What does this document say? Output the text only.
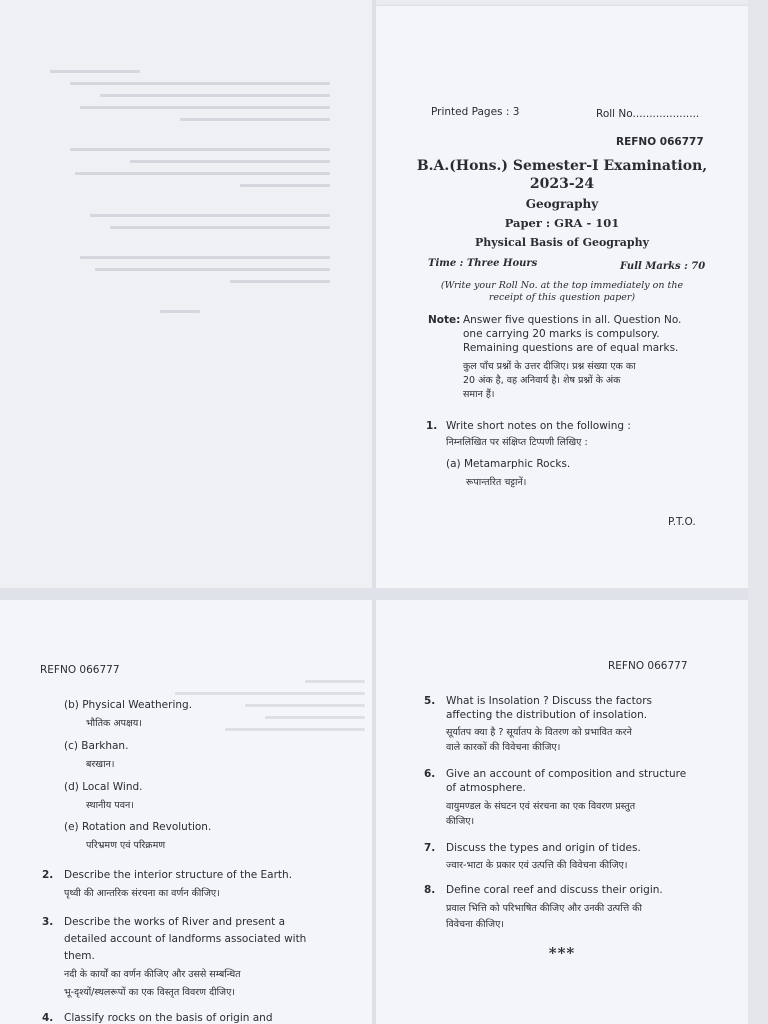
Printed Pages : 3	Roll No....................
REFNO 066777
B.A.(Hons.) Semester-I Examination,
2023-24
Geography
Paper : GRA - 101
Physical Basis of Geography
Time : Three Hours	Full Marks : 70
(Write your Roll No. at the top immediately on the
receipt of this question paper)
Note: Answer five questions in all. Question No.
one carrying 20 marks is compulsory.
Remaining questions are of equal marks.
कुल पाँच प्रश्नों के उत्तर दीजिए। प्रश्न संख्या एक का
20 अंक है, वह अनिवार्य है। शेष प्रश्नों के अंक
समान हैं।
1. Write short notes on the following :
निम्नलिखित पर संक्षिप्त टिप्पणी लिखिए :
(a) Metamarphic Rocks.
रूपान्तरित चट्टानें।
P.T.O.
REFNO 066777
(b) Physical Weathering.
भौतिक अपक्षय।
(c) Barkhan.
बरखान।
(d) Local Wind.
स्थानीय पवन।
(e) Rotation and Revolution.
परिभ्रमण एवं परिक्रमण
2. Describe the interior structure of the Earth.
पृथ्वी की आन्तरिक संरचना का वर्णन कीजिए।
3. Describe the works of River and present a
detailed account of landforms associated with
them.
नदी के कार्यों का वर्णन कीजिए और उससे सम्बन्धित
भू-दृश्यों/स्थलरूपों का एक विस्तृत विवरण दीजिए।
4. Classify rocks on the basis of origin and
REFNO 066777
5. What is Insolation ? Discuss the factors
affecting the distribution of insolation.
सूर्यातप क्या है ? सूर्यातप के वितरण को प्रभावित करने
वाले कारकों की विवेचना कीजिए।
6. Give an account of composition and structure
of atmosphere.
वायुमण्डल के संघटन एवं संरचना का एक विवरण प्रस्तुत
कीजिए।
7. Discuss the types and origin of tides.
ज्वार-भाटा के प्रकार एवं उत्पत्ति की विवेचना कीजिए।
8. Define coral reef and discuss their origin.
प्रवाल भित्ति को परिभाषित कीजिए और उनकी उत्पत्ति की
विवेचना कीजिए।
***
